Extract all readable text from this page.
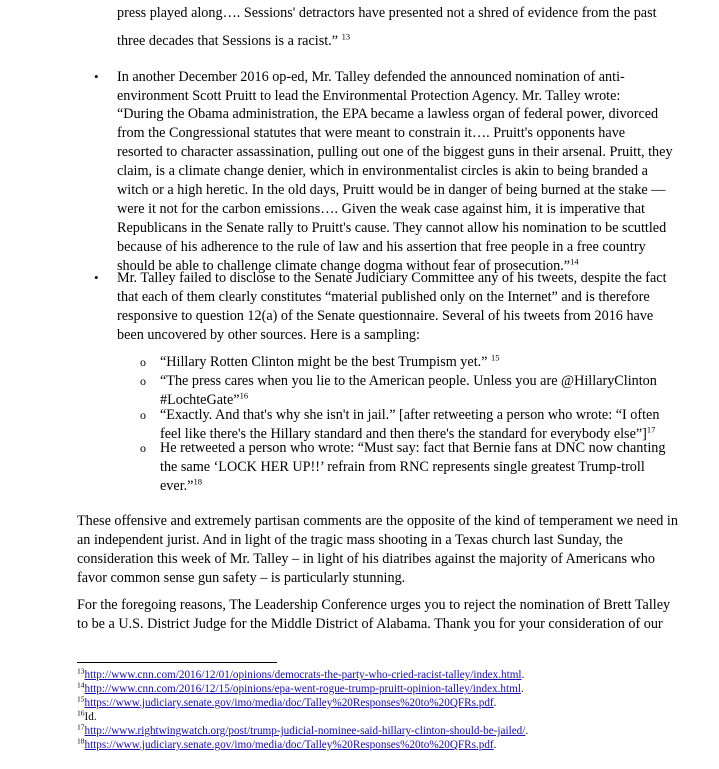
press played along…. Sessions' detractors have presented not a shred of evidence from the past
three decades that Sessions is a racist.” $^{13}$
• In another December 2016 op-ed, Mr. Talley defended the announced nomination of anti-
environment Scott Pruitt to lead the Environmental Protection Agency. Mr. Talley wrote:
“During the Obama administration, the EPA became a lawless organ of federal power, divorced
from the Congressional statutes that were meant to constrain it…. Pruitt's opponents have
resorted to character assassination, pulling out one of the biggest guns in their arsenal. Pruitt, they
claim, is a climate change denier, which in environmentalist circles is akin to being branded a
witch or a high heretic. In the old days, Pruitt would be in danger of being burned at the stake —
were it not for the carbon emissions…. Given the weak case against him, it is imperative that
Republicans in the Senate rally to Pruitt's cause. They cannot allow his nomination to be scuttled
because of his adherence to the rule of law and his assertion that free people in a free country
should be able to challenge climate change dogma without fear of prosecution.”$^{14}$
• Mr. Talley failed to disclose to the Senate Judiciary Committee any of his tweets, despite the fact
that each of them clearly constitutes “material published only on the Internet” and is therefore
responsive to question 12(a) of the Senate questionnaire. Several of his tweets from 2016 have
been uncovered by other sources. Here is a sampling:
o “Hillary Rotten Clinton might be the best Trumpism yet.” $^{15}$
o “The press cares when you lie to the American people. Unless you are @HillaryClinton
#LochteGate”$^{16}$
o “Exactly. And that's why she isn't in jail.” [after retweeting a person who wrote: “I often
feel like there's the Hillary standard and then there's the standard for everybody else”]$^{17}$
o He retweeted a person who wrote: “Must say: fact that Bernie fans at DNC now chanting
the same ‘LOCK HER UP!!’ refrain from RNC represents single greatest Trump-troll
ever.”$^{18}$
These offensive and extremely partisan comments are the opposite of the kind of temperament we need in
an independent jurist. And in light of the tragic mass shooting in a Texas church last Sunday, the
consideration this week of Mr. Talley – in light of his diatribes against the majority of Americans who
favor common sense gun safety – is particularly stunning.
For the foregoing reasons, The Leadership Conference urges you to reject the nomination of Brett Talley
to be a U.S. District Judge for the Middle District of Alabama. Thank you for your consideration of our
$^{13}$http://www.cnn.com/2016/12/01/opinions/democrats-the-party-who-cried-racist-talley/index.html.
$^{14}$http://www.cnn.com/2016/12/15/opinions/epa-went-rogue-trump-pruitt-opinion-talley/index.html.
$^{15}$https://www.judiciary.senate.gov/imo/media/doc/Talley%20Responses%20to%20QFRs.pdf.
$^{16}$Id.
$^{17}$http://www.rightwingwatch.org/post/trump-judicial-nominee-said-hillary-clinton-should-be-jailed/.
$^{18}$https://www.judiciary.senate.gov/imo/media/doc/Talley%20Responses%20to%20QFRs.pdf.
